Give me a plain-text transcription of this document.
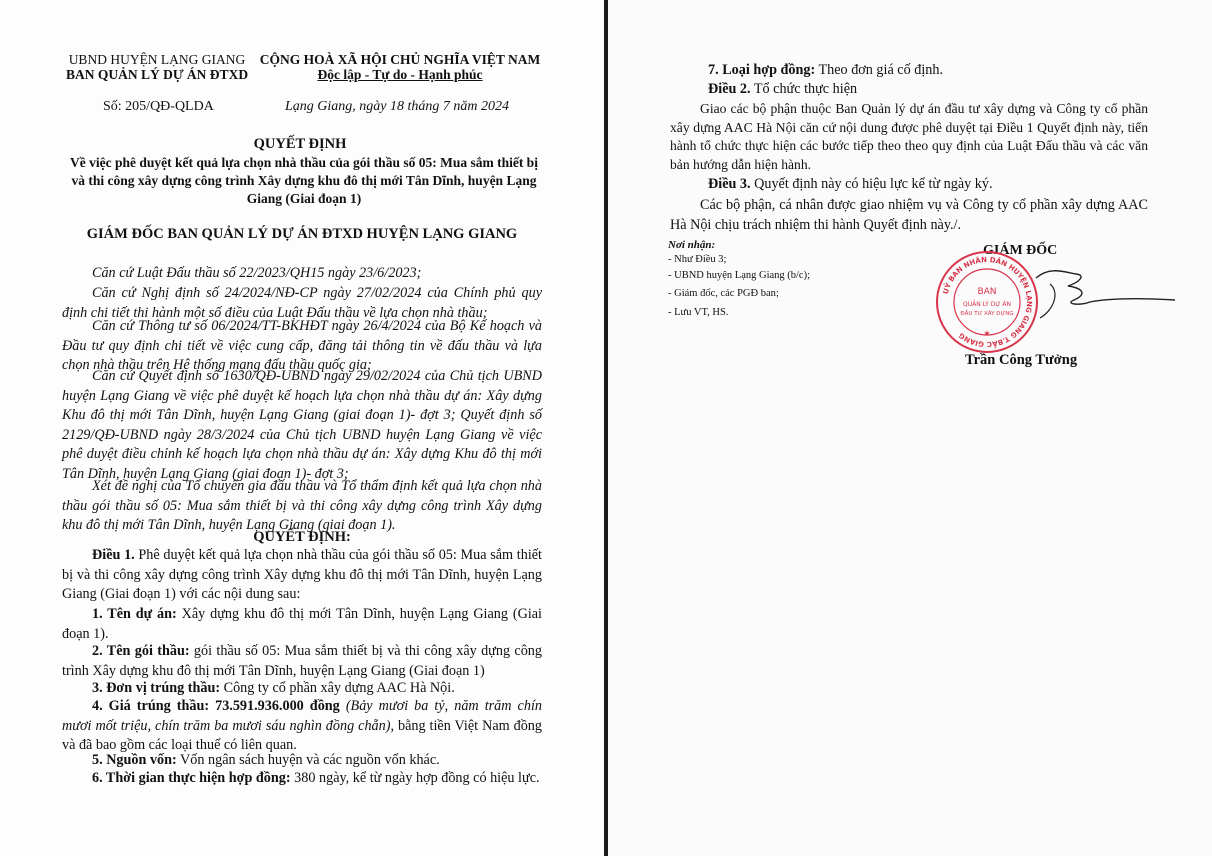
UBND HUYỆN LẠNG GIANG
BAN QUẢN LÝ DỰ ÁN ĐTXD
CỘNG HOÀ XÃ HỘI CHỦ NGHĨA VIỆT NAM
Độc lập - Tự do - Hạnh phúc
Số: 205/QĐ-QLDA	Lạng Giang, ngày 18 tháng 7 năm 2024
QUYẾT ĐỊNH
Về việc phê duyệt kết quả lựa chọn nhà thầu của gói thầu số 05: Mua sắm thiết bị và thi công xây dựng công trình Xây dựng khu đô thị mới Tân Dĩnh, huyện Lạng Giang (Giai đoạn 1)
GIÁM ĐỐC BAN QUẢN LÝ DỰ ÁN ĐTXD HUYỆN LẠNG GIANG
Căn cứ Luật Đấu thầu số 22/2023/QH15 ngày 23/6/2023;
Căn cứ Nghị định số 24/2024/NĐ-CP ngày 27/02/2024 của Chính phủ quy định chi tiết thi hành một số điều của Luật Đấu thầu về lựa chọn nhà thầu;
Căn cứ Thông tư số 06/2024/TT-BKHĐT ngày 26/4/2024 của Bộ Kế hoạch và Đầu tư quy định chi tiết về việc cung cấp, đăng tải thông tin về đấu thầu và lựa chọn nhà thầu trên Hệ thống mạng đấu thầu quốc gia;
Căn cứ Quyết định số 1630/QĐ-UBND ngày 29/02/2024 của Chủ tịch UBND huyện Lạng Giang về việc phê duyệt kế hoạch lựa chọn nhà thầu dự án: Xây dựng Khu đô thị mới Tân Dĩnh, huyện Lạng Giang (giai đoạn 1)- đợt 3; Quyết định số 2129/QĐ-UBND ngày 28/3/2024 của Chủ tịch UBND huyện Lạng Giang về việc phê duyệt điều chỉnh kế hoạch lựa chọn nhà thầu dự án: Xây dựng Khu đô thị mới Tân Dĩnh, huyện Lạng Giang (giai đoạn 1)- đợt 3;
Xét đề nghị của Tổ chuyên gia đấu thầu và Tổ thẩm định kết quả lựa chọn nhà thầu gói thầu số 05: Mua sắm thiết bị và thi công xây dựng công trình Xây dựng khu đô thị mới Tân Dĩnh, huyện Lạng Giang (giai đoạn 1).
QUYẾT ĐỊNH:
Điều 1. Phê duyệt kết quả lựa chọn nhà thầu của gói thầu số 05: Mua sắm thiết bị và thi công xây dựng công trình Xây dựng khu đô thị mới Tân Dĩnh, huyện Lạng Giang (Giai đoạn 1) với các nội dung sau:
1. Tên dự án: Xây dựng khu đô thị mới Tân Dĩnh, huyện Lạng Giang (Giai đoạn 1).
2. Tên gói thầu: gói thầu số 05: Mua sắm thiết bị và thi công xây dựng công trình Xây dựng khu đô thị mới Tân Dĩnh, huyện Lạng Giang (Giai đoạn 1)
3. Đơn vị trúng thầu: Công ty cổ phần xây dựng AAC Hà Nội.
4. Giá trúng thầu: 73.591.936.000 đồng (Bảy mươi ba tỷ, năm trăm chín mươi mốt triệu, chín trăm ba mươi sáu nghìn đồng chẵn), bằng tiền Việt Nam đồng và đã bao gồm các loại thuế có liên quan.
5. Nguồn vốn: Vốn ngân sách huyện và các nguồn vốn khác.
6. Thời gian thực hiện hợp đồng: 380 ngày, kể từ ngày hợp đồng có hiệu lực.
7. Loại hợp đồng: Theo đơn giá cố định.
Điều 2. Tổ chức thực hiện
Giao các bộ phận thuộc Ban Quản lý dự án đầu tư xây dựng và Công ty cổ phần xây dựng AAC Hà Nội căn cứ nội dung được phê duyệt tại Điều 1 Quyết định này, tiến hành tổ chức thực hiện các bước tiếp theo theo quy định của Luật Đấu thầu và các văn bản hướng dẫn hiện hành.
Điều 3. Quyết định này có hiệu lực kể từ ngày ký.
Các bộ phận, cá nhân được giao nhiệm vụ và Công ty cổ phần xây dựng AAC Hà Nội chịu trách nhiệm thi hành Quyết định này./.
Nơi nhận:
- Như Điều 3;
- UBND huyện Lạng Giang (b/c);
- Giám đốc, các PGĐ ban;
- Lưu VT, HS.
GIÁM ĐỐC
Trần Công Tưởng
UỶ BAN NHÂN DÂN HUYỆN LẠNG GIANG T.BẮC GIANG
BAN
QUẢN LÝ DỰ ÁN
ĐẦU TƯ XÂY DỰNG
★
